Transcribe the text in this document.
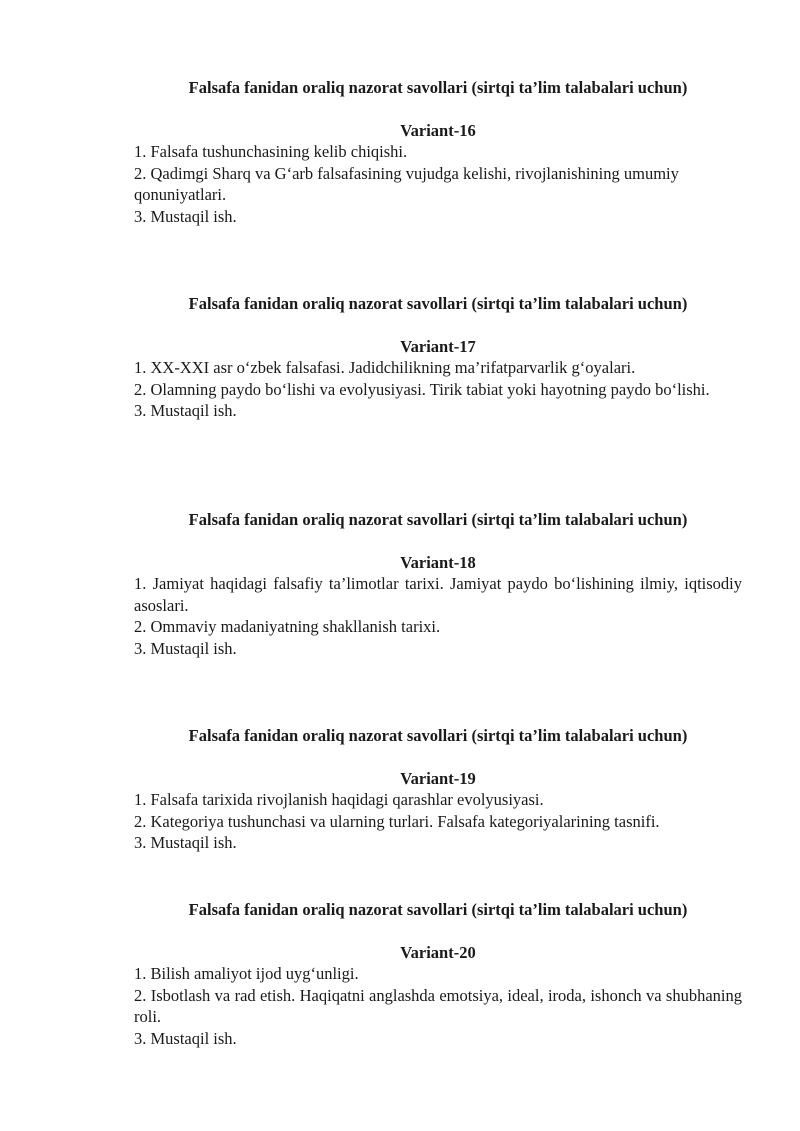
Falsafa fanidan oraliq nazorat savollari (sirtqi ta’lim talabalari uchun)

Variant-16

1. Falsafa tushunchasining kelib chiqishi.

2. Qadimgi Sharq va G‘arb falsafasining vujudga kelishi, rivojlanishining umumiy qonuniyatlari.

3. Mustaqil ish.

Falsafa fanidan oraliq nazorat savollari (sirtqi ta’lim talabalari uchun)

Variant-17

1. XX-XXI asr o‘zbek falsafasi. Jadidchilikning ma’rifatparvarlik g‘oyalari.

2. Olamning paydo bo‘lishi va evolyusiyasi. Tirik tabiat yoki hayotning paydo bo‘lishi.

3. Mustaqil ish.

Falsafa fanidan oraliq nazorat savollari (sirtqi ta’lim talabalari uchun)

Variant-18

1. Jamiyat haqidagi falsafiy ta’limotlar tarixi. Jamiyat paydo bo‘lishining ilmiy, iqtisodiy asoslari.

2. Ommaviy madaniyatning shakllanish tarixi.

3. Mustaqil ish.

Falsafa fanidan oraliq nazorat savollari (sirtqi ta’lim talabalari uchun)

Variant-19

1. Falsafa tarixida rivojlanish haqidagi qarashlar evolyusiyasi.

2. Kategoriya tushunchasi va ularning turlari. Falsafa kategoriyalarining tasnifi.

3. Mustaqil ish.

Falsafa fanidan oraliq nazorat savollari (sirtqi ta’lim talabalari uchun)

Variant-20

1. Bilish amaliyot ijod uyg‘unligi.

2. Isbotlash va rad etish. Haqiqatni anglashda emotsiya, ideal, iroda, ishonch va shubhaning roli.

3. Mustaqil ish.
